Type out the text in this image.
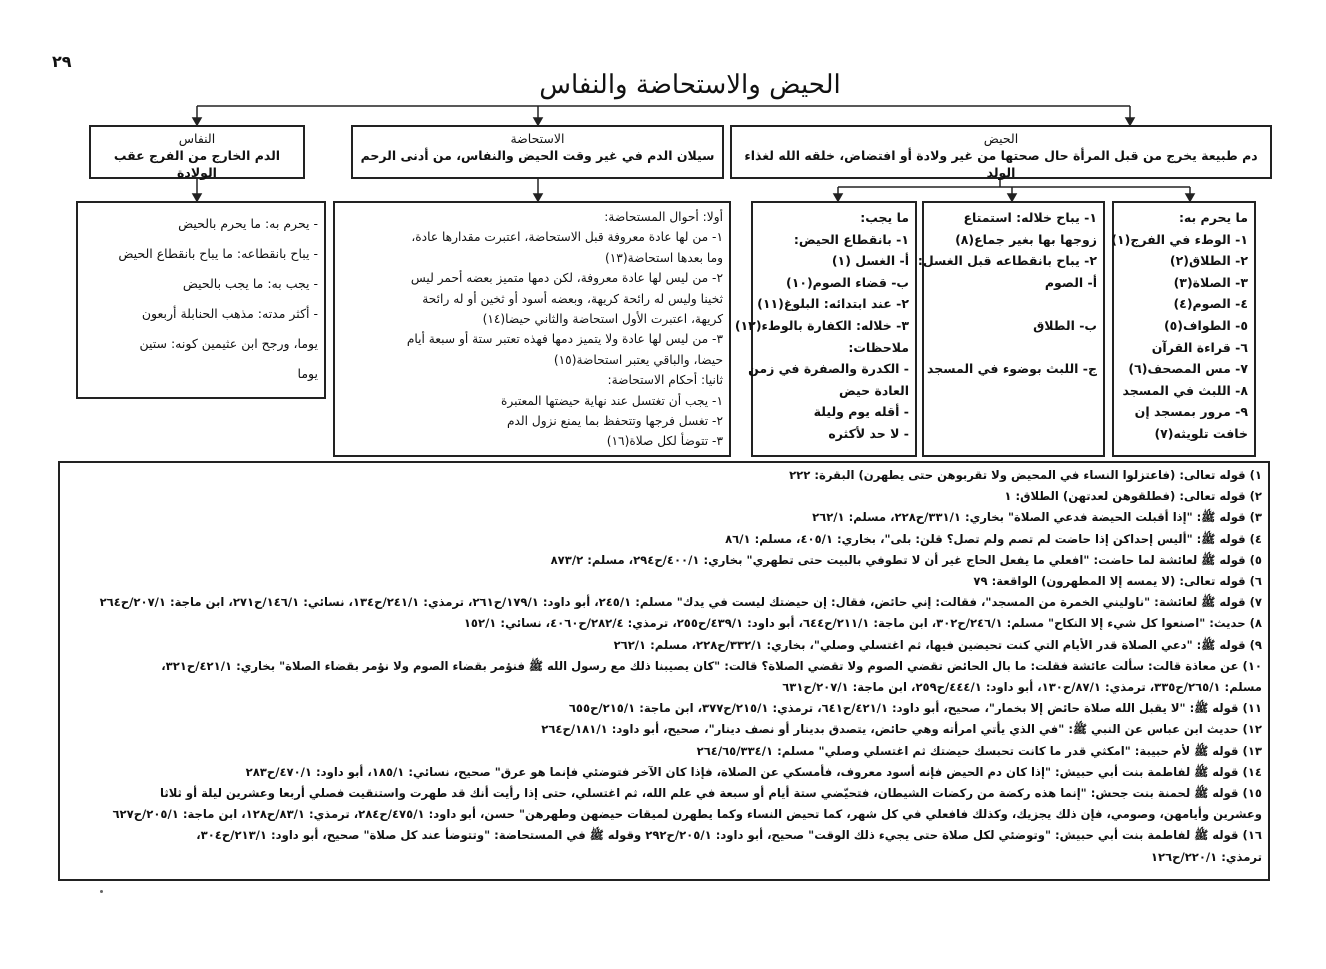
٢٩
الحيض والاستحاضة والنفاس
الحيض
دم طبيعة يخرج من قبل المرأة حال صحتها من غير ولادة أو افتضاض، خلقه الله لغذاء الولد
الاستحاضة
سيلان الدم في غير وقت الحيض والنفاس، من أدنى الرحم
النفاس
الدم الخارج من الفرج عقب الولادة
ما يحرم به:
١- الوطء في الفرج(١)
٢- الطلاق(٢)
٣- الصلاة(٣)
٤- الصوم(٤)
٥- الطواف(٥)
٦- قراءة القرآن
٧- مس المصحف(٦)
٨- اللبث في المسجد
٩- مرور بمسجد إن
خافت تلويثه(٧)
١- يباح خلاله: استمتاع
زوجها بها بغير جماع(٨)
٢- يباح بانقطاعه قبل الغسل:
أ- الصوم

ب- الطلاق

ج- اللبث بوضوء في المسجد
ما يجب:
١- بانقطاع الحيض:
أ- الغسل (١)
ب- قضاء الصوم(١٠)
٢- عند ابتدائه: البلوغ(١١)
٣- خلاله: الكفارة بالوطء(١٢)
ملاحظات:
- الكدرة والصفرة في زمن
العادة حيض
- أقله يوم وليلة
- لا حد لأكثره
أولا: أحوال المستحاضة:
١- من لها عادة معروفة قبل الاستحاضة، اعتبرت مقدارها عادة،
وما بعدها استحاضة(١٣)
٢- من ليس لها عادة معروفة، لكن دمها متميز بعضه أحمر ليس
ثخينا وليس له رائحة كريهة، وبعضه أسود أو ثخين أو له رائحة
كريهة، اعتبرت الأول استحاضة والثاني حيضا(١٤)
٣- من ليس لها عادة ولا يتميز دمها فهذه تعتبر ستة أو سبعة أيام
حيضا، والباقي يعتبر استحاضة(١٥)
ثانيا: أحكام الاستحاضة:
١- يجب أن تغتسل عند نهاية حيضتها المعتبرة
٢- تغسل فرجها وتتحفظ بما يمنع نزول الدم
٣- تتوضأ لكل صلاة(١٦)
- يحرم به: ما يحرم بالحيض
- يباح بانقطاعه: ما يباح بانقطاع الحيض
- يجب به: ما يجب بالحيض
- أكثر مدته: مذهب الحنابلة أربعون
يوما، ورجح ابن عثيمين كونه: ستين
يوما
١) قوله تعالى: (فاعتزلوا النساء في المحيض ولا تقربوهن حتى يطهرن) البقرة: ٢٢٢
٢) قوله تعالى: (فطلقوهن لعدتهن) الطلاق: ١
٣) قوله ﷺ: "إذا أقبلت الحيضة فدعي الصلاة" بخاري: ٣٣١/١/ح٢٢٨، مسلم: ٢٦٢/١
٤) قوله ﷺ: "أليس إحداكن إذا حاضت لم تصم ولم تصل؟ قلن: بلى"، بخاري: ٤٠٥/١، مسلم: ٨٦/١
٥) قوله ﷺ لعائشة لما حاضت: "افعلي ما يفعل الحاج غير أن لا تطوفي بالبيت حتى تطهري" بخاري: ٤٠٠/١/ح٢٩٤، مسلم: ٨٧٣/٢
٦) قوله تعالى: (لا يمسه إلا المطهرون) الواقعة: ٧٩
٧) قوله ﷺ لعائشة: "ناوليني الخمرة من المسجد"، فقالت: إني حائض، فقال: إن حيضتك ليست في يدك" مسلم: ٢٤٥/١، أبو داود: ١٧٩/١/ح٢٦١، ترمذي: ٢٤١/١/ح١٣٤، نسائي: ١٤٦/١/ح٢٧١، ابن ماجة: ٢٠٧/١/ح٢٦٤
٨) حديث: "اصنعوا كل شيء إلا النكاح" مسلم: ٢٤٦/١/ح٣٠٢، ابن ماجة: ٢١١/١/ح٦٤٤، أبو داود: ٤٣٩/١/ح٢٥٥، ترمذي: ٢٨٢/٤/ح٤٠٦٠، نسائي: ١٥٢/١
٩) قوله ﷺ: "دعي الصلاة قدر الأيام التي كنت تحيضين فيها، ثم اغتسلي وصلي"، بخاري: ٣٣٢/١/ح٢٢٨، مسلم: ٢٦٢/١
١٠) عن معاذة قالت: سألت عائشة فقلت: ما بال الحائض تقضي الصوم ولا تقضي الصلاة؟ قالت: "كان يصيبنا ذلك مع رسول الله ﷺ فنؤمر بقضاء الصوم ولا نؤمر بقضاء الصلاة" بخاري: ٤٢١/١/ح٣٢١،
مسلم: ٢٦٥/١/ح٣٣٥، ترمذي: ٨٧/١/ح١٣٠، أبو داود: ٤٤٤/١/ح٢٥٩، ابن ماجة: ٢٠٧/١/ح٦٣١
١١) قوله ﷺ: "لا يقبل الله صلاة حائض إلا بخمار"، صحيح، أبو داود: ٤٢١/١/ح٦٤١، ترمذي: ٢١٥/١/ح٣٧٧، ابن ماجة: ٢١٥/١/ح٦٥٥
١٢) حديث ابن عباس عن النبي ﷺ: "في الذي يأتي امرأته وهي حائض، يتصدق بدينار أو نصف دينار"، صحيح، أبو داود: ١٨١/١/ح٢٦٤
١٣) قوله ﷺ لأم حبيبة: "امكثي قدر ما كانت تحبسك حيضتك ثم اغتسلي وصلي" مسلم: ٢٦٤/٦٥/٣٣٤/١
١٤) قوله ﷺ لفاطمة بنت أبي حبيش: "إذا كان دم الحيض فإنه أسود معروف، فأمسكي عن الصلاة، فإذا كان الآخر فتوضئي فإنما هو عرق" صحيح، نسائي: ١٨٥/١، أبو داود: ٤٧٠/١/ح٢٨٣
١٥) قوله ﷺ لحمنة بنت جحش: "إنما هذه ركضة من ركضات الشيطان، فتحيّضي ستة أيام أو سبعة في علم الله، ثم اغتسلي، حتى إذا رأيت أنك قد طهرت واستنقيت فصلي أربعا وعشرين ليلة أو ثلاثا
وعشرين وأيامهن، وصومي، فإن ذلك يجزيك، وكذلك فافعلي في كل شهر، كما تحيض النساء وكما يطهرن لميقات حيضهن وطهرهن" حسن، أبو داود: ٤٧٥/١/ح٢٨٤، ترمذي: ٨٣/١/ح١٢٨، ابن ماجة: ٢٠٥/١/ح٦٢٧
١٦) قوله ﷺ لفاطمة بنت أبي حبيش: "وتوضئي لكل صلاة حتى يجيء ذلك الوقت" صحيح، أبو داود: ٢٠٥/١/ح٢٩٢ وقوله ﷺ في المستحاضة: "وتتوضأ عند كل صلاة" صحيح، أبو داود: ٢١٣/١/ح٣٠٤،
ترمذي: ٢٢٠/١/ح١٢٦
